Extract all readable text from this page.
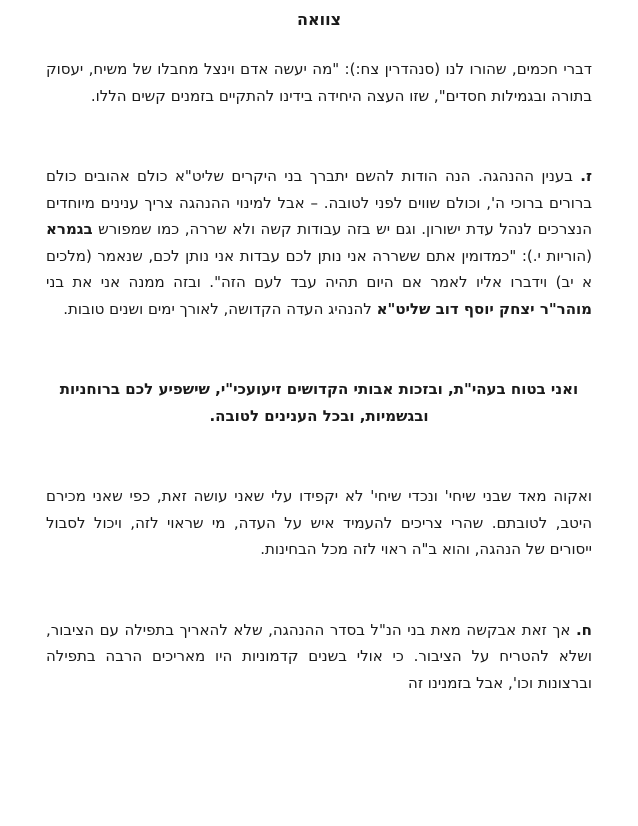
צוואה

דברי חכמים, שהורו לנו (סנהדרין צח:): "מה יעשה אדם וינצל מחבלו של משיח, יעסוק בתורה ובגמילות חסדים", שזו העצה היחידה בידינו להתקיים בזמנים קשים הללו.

ז. בענין ההנהגה. הנה הודות להשם יתברך בני היקרים שליט"א כולם אהובים כולם ברורים ברוכי ה', וכולם שווים לפני לטובה. – אבל למינוי ההנהגה צריך ענינים מיוחדים הנצרכים לנהל עדת ישורון. וגם יש בזה עבודות קשה ולא שררה, כמו שמפורש בגמרא (הוריות י.): "כמדומין אתם ששררה אני נותן לכם עבדות אני נותן לכם, שנאמר (מלכים א יב) וידברו אליו לאמר אם היום תהיה עבד לעם הזה". ובזה ממנה אני את בני מוהר"ר יצחק יוסף דוב שליט"א להנהיג העדה הקדושה, לאורך ימים ושנים טובות.

ואני בטוח בעהי"ת, ובזכות אבותי הקדושים זיעועכי"י, שישפיע לכם ברוחניות ובגשמיות, ובכל הענינים לטובה.

ואקוה מאד שבני שיחי' ונכדי שיחי' לא יקפידו עלי שאני עושה זאת, כפי שאני מכירם היטב, לטובתם. שהרי צריכים להעמיד איש על העדה, מי שראוי לזה, ויכול לסבול ייסורים של הנהגה, והוא ב"ה ראוי לזה מכל הבחינות.

ח. אך זאת אבקשה מאת בני הנ"ל בסדר ההנהגה, שלא להאריך בתפילה עם הציבור, ושלא להטריח על הציבור. כי אולי בשנים קדמוניות היו מאריכים הרבה בתפילה וברצונות וכו', אבל בזמנינו זה
